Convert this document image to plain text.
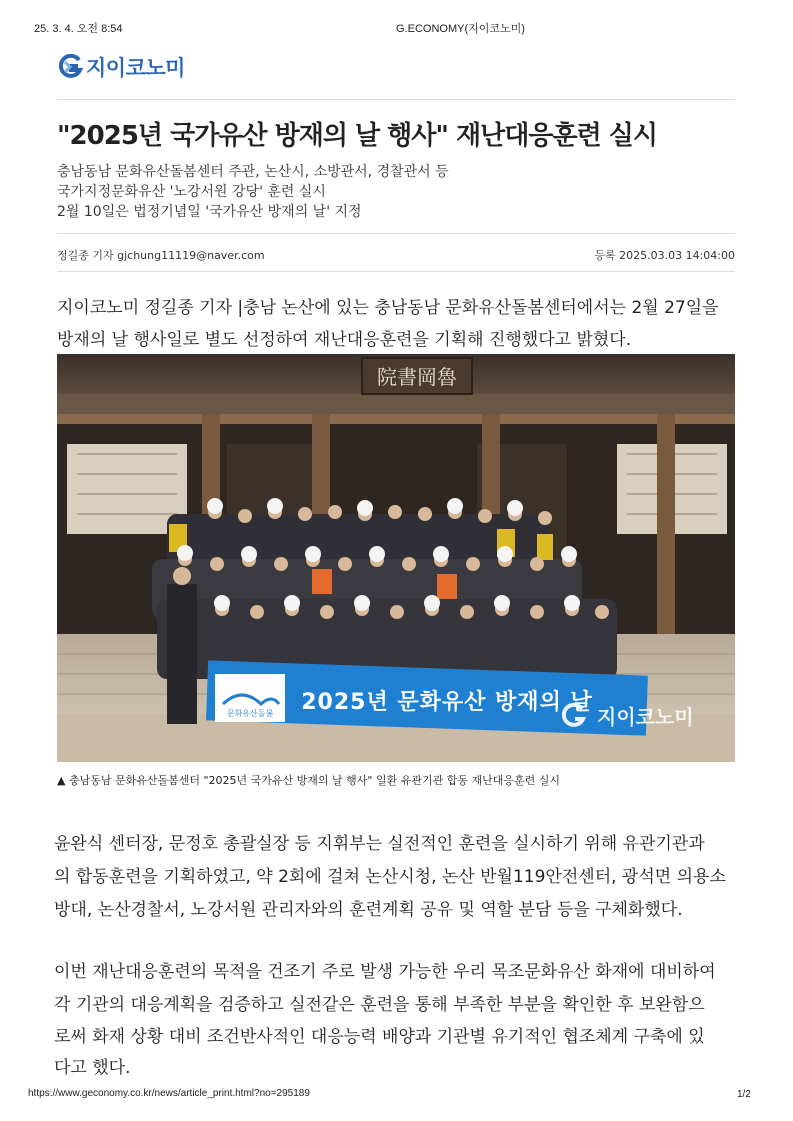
25. 3. 4. 오전 8:54	G.ECONOMY(지이코노미)
지이코노미
"2025년 국가유산 방재의 날 행사" 재난대응훈련 실시
충남동남 문화유산돌봄센터 주관, 논산시, 소방관서, 경찰관서 등
국가지정문화유산 '노강서원 강당' 훈련 실시
2월 10일은 법정기념일 '국가유산 방재의 날' 지정
정길종 기자 gjchung11119@naver.com	등록 2025.03.03 14:04:00
지이코노미 정길종 기자 |충남 논산에 있는 충남동남 문화유산돌봄센터에서는 2월 27일을
방재의 날 행사일로 별도 선정하여 재난대응훈련을 기획해 진행했다고 밝혔다.
院書岡魯
문화유산돌봄 2025년 문화유산 방재의 날
지이코노미
▲ 충남동남 문화유산돌봄센터 "2025년 국가유산 방재의 날 행사" 일환 유관기관 합동 재난대응훈련 실시
윤완식 센터장, 문정호 총괄실장 등 지휘부는 실전적인 훈련을 실시하기 위해 유관기관과
의 합동훈련을 기획하였고, 약 2회에 걸쳐 논산시청, 논산 반월119안전센터, 광석면 의용소
방대, 논산경찰서, 노강서원 관리자와의 훈련계획 공유 및 역할 분담 등을 구체화했다.
이번 재난대응훈련의 목적을 건조기 주로 발생 가능한 우리 목조문화유산 화재에 대비하여
각 기관의 대응계획을 검증하고 실전같은 훈련을 통해 부족한 부분을 확인한 후 보완함으
로써 화재 상황 대비 조건반사적인 대응능력 배양과 기관별 유기적인 협조체계 구축에 있
다고 했다.
https://www.geconomy.co.kr/news/article_print.html?no=295189	1/2
